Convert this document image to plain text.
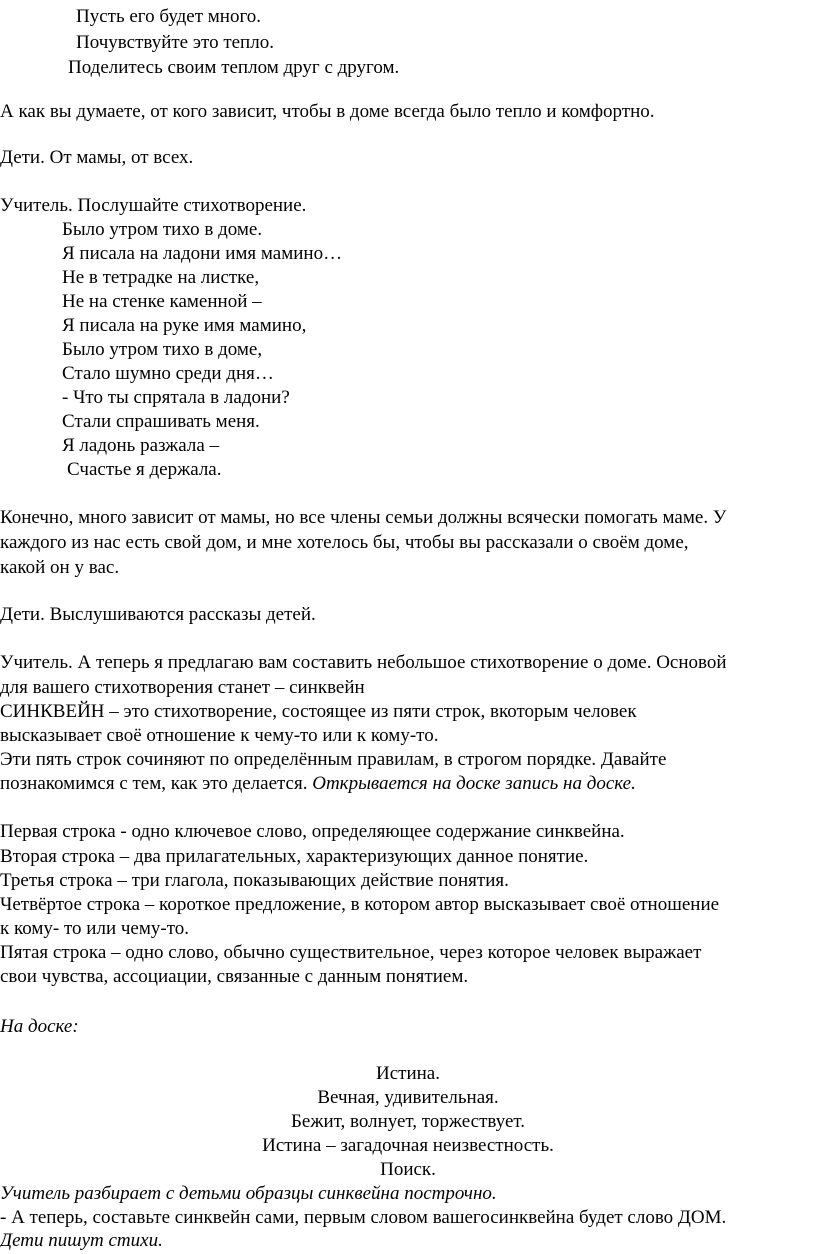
Пусть его будет много.
Почувствуйте это тепло.
Поделитесь своим теплом друг с другом.
А как вы думаете, от кого зависит, чтобы в доме всегда было тепло и комфортно.
Дети. От мамы, от всех.
Учитель. Послушайте стихотворение.
Было утром тихо в доме.
Я писала на ладони имя мамино…
Не в тетрадке на листке,
Не на стенке каменной –
Я писала на руке имя мамино,
Было утром тихо в доме,
Стало шумно среди дня…
- Что ты спрятала в ладони?
Стали спрашивать меня.
Я ладонь разжала –
Счастье я держала.
Конечно, много зависит от мамы, но все члены семьи должны всячески помогать маме. У
каждого из нас есть свой дом, и мне хотелось бы, чтобы вы рассказали о своём доме,
какой он у вас.
Дети. Выслушиваются рассказы детей.
Учитель. А теперь я предлагаю вам составить небольшое стихотворение о доме. Основой
для вашего стихотворения станет – синквейн
СИНКВЕЙН – это стихотворение, состоящее из пяти строк, вкоторым человек
высказывает своё отношение к чему-то или к кому-то.
Эти пять строк сочиняют по определённым правилам, в строгом порядке. Давайте
познакомимся с тем, как это делается. Открывается на доске запись на доске.
Первая строка - одно ключевое слово, определяющее содержание синквейна.
Вторая строка – два прилагательных, характеризующих данное понятие.
Третья строка – три глагола, показывающих действие понятия.
Четвёртое строка – короткое предложение, в котором автор высказывает своё отношение
к кому- то или чему-то.
Пятая строка – одно слово, обычно существительное, через которое человек выражает
свои чувства, ассоциации, связанные с данным понятием.
На доске:
Истина.
Вечная, удивительная.
Бежит, волнует, торжествует.
Истина – загадочная неизвестность.
Поиск.
Учитель разбирает с детьми образцы синквейна построчно.
- А теперь, составьте синквейн сами, первым словом вашегосинквейна будет слово ДОМ.
Дети пишут стихи.
